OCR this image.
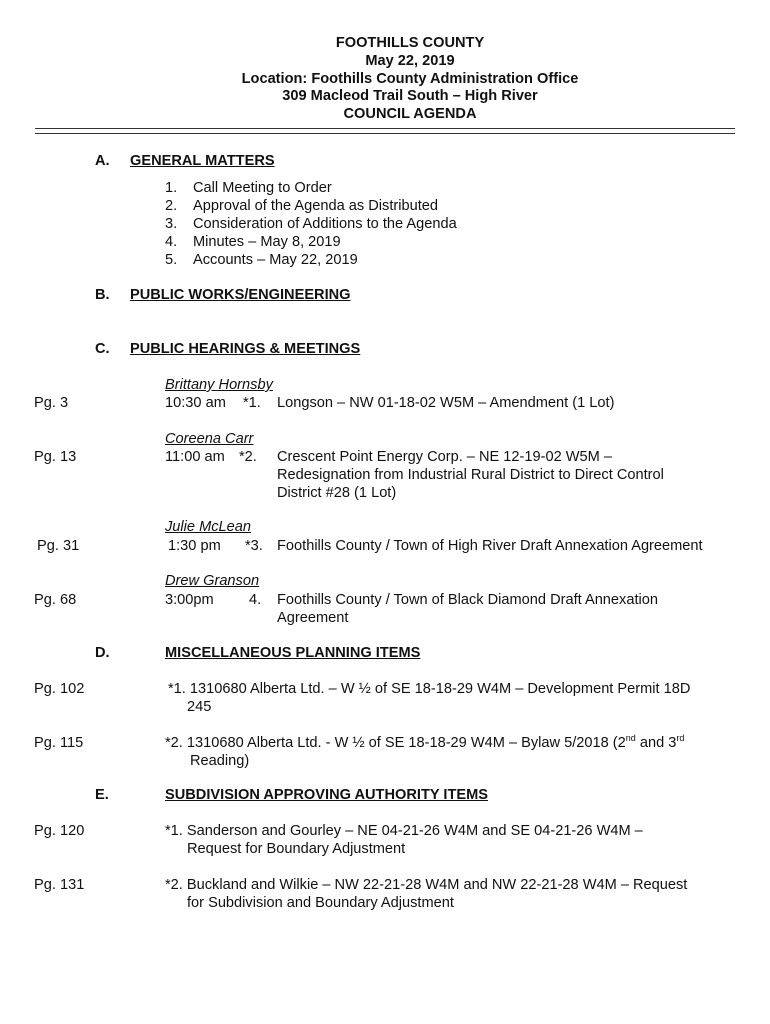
FOOTHILLS COUNTY
May 22, 2019
Location: Foothills County Administration Office
309 Macleod Trail South – High River
COUNCIL AGENDA
A. GENERAL MATTERS
1. Call Meeting to Order
2. Approval of the Agenda as Distributed
3. Consideration of Additions to the Agenda
4. Minutes – May 8, 2019
5. Accounts – May 22, 2019
B. PUBLIC WORKS/ENGINEERING
C. PUBLIC HEARINGS & MEETINGS
Brittany Hornsby
Pg. 3	10:30 am *1. Longson – NW 01-18-02 W5M – Amendment (1 Lot)
Coreena Carr
Pg. 13	11:00 am *2. Crescent Point Energy Corp. – NE 12-19-02 W5M –
Redesignation from Industrial Rural District to Direct Control
District #28 (1 Lot)
Julie McLean
Pg. 31	1:30 pm *3. Foothills County / Town of High River Draft Annexation Agreement
Drew Granson
Pg. 68	3:00pm 4. Foothills County / Town of Black Diamond Draft Annexation
Agreement
D.	MISCELLANEOUS PLANNING ITEMS
Pg. 102	*1. 1310680 Alberta Ltd. – W ½ of SE 18-18-29 W4M – Development Permit 18D
245
Pg. 115	*2. 1310680 Alberta Ltd. - W ½ of SE 18-18-29 W4M – Bylaw 5/2018 (2nd and 3rd
Reading)
E.	SUBDIVISION APPROVING AUTHORITY ITEMS
Pg. 120	*1. Sanderson and Gourley – NE 04-21-26 W4M and SE 04-21-26 W4M –
Request for Boundary Adjustment
Pg. 131	*2. Buckland and Wilkie – NW 22-21-28 W4M and NW 22-21-28 W4M – Request
for Subdivision and Boundary Adjustment
